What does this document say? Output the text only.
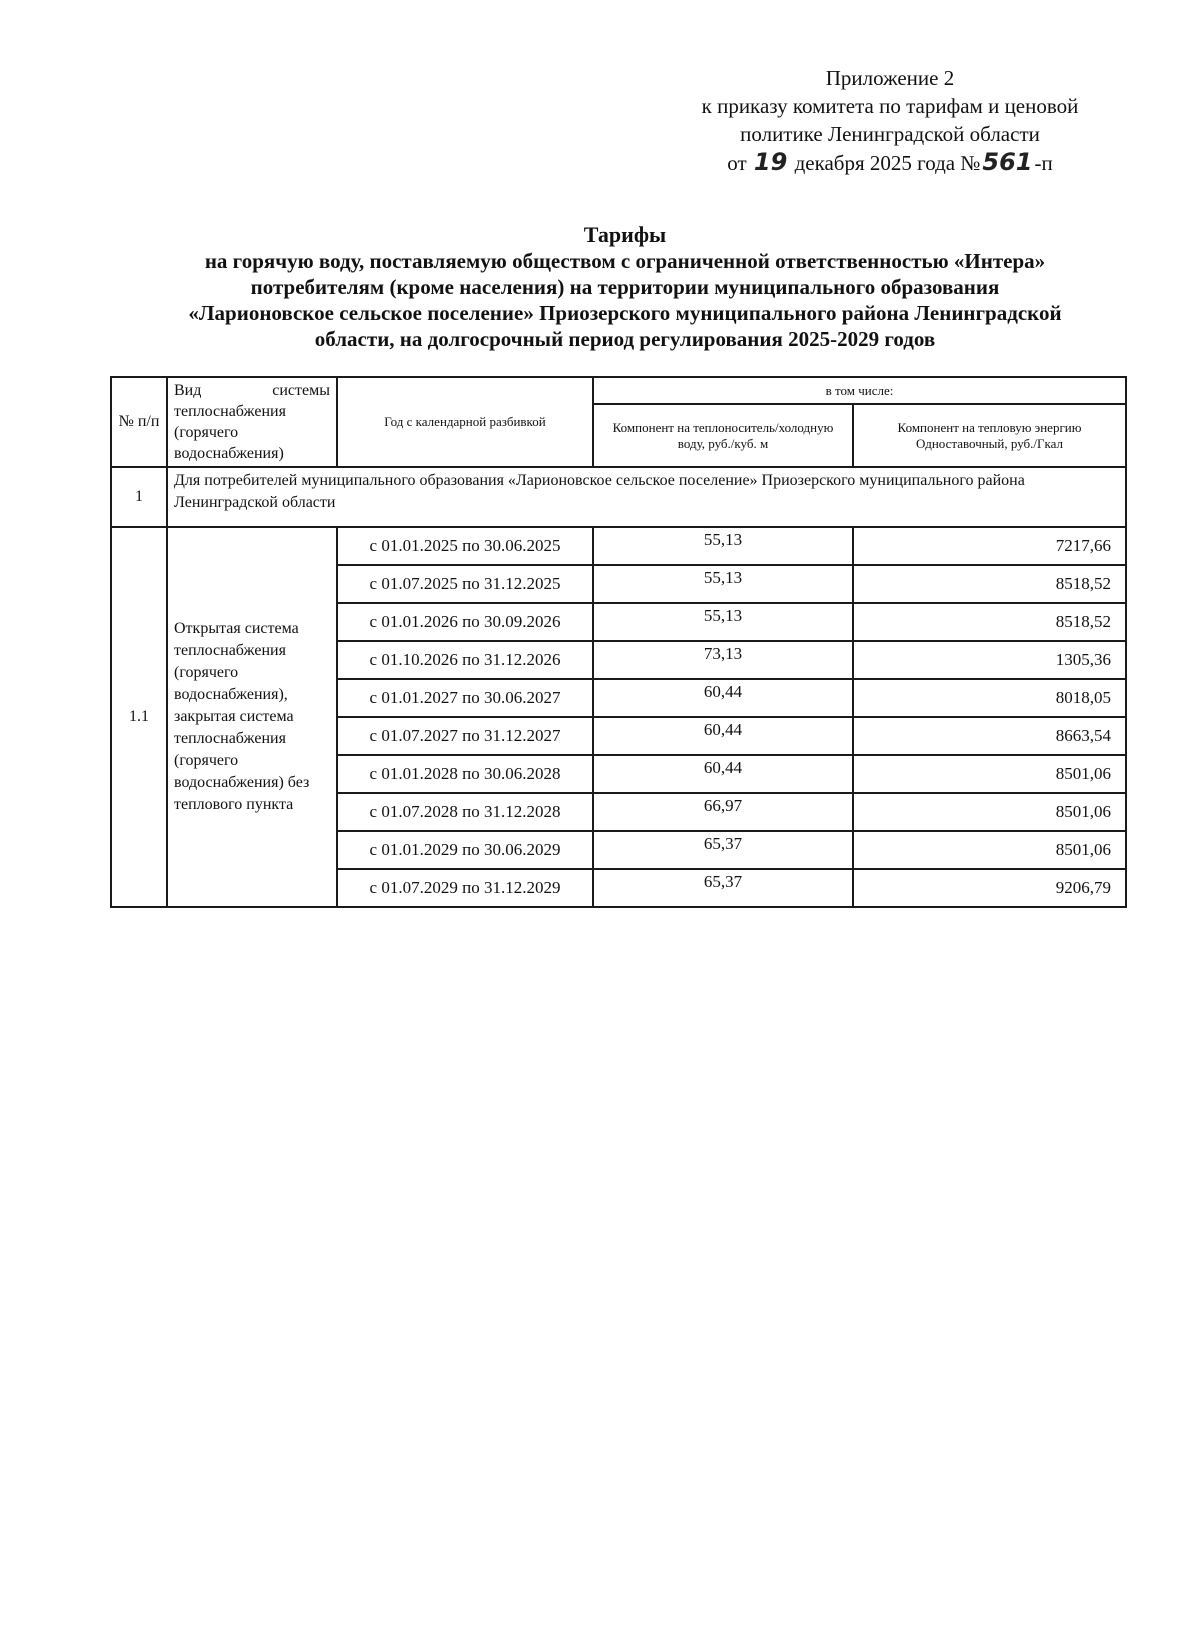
Приложение 2
к приказу комитета по тарифам и ценовой
политике Ленинградской области
от 19 декабря 2025 года №561-п
Тарифы
на горячую воду, поставляемую обществом с ограниченной ответственностью «Интера»
потребителям (кроме населения) на территории муниципального образования
«Ларионовское сельское поселение» Приозерского муниципального района Ленинградской
области, на долгосрочный период регулирования 2025-2029 годов
№ п/п	Вид системы теплоснабжения (горячего водоснабжения)	Год с календарной разбивкой	в том числе:	
			Компонент на теплоноситель/холодную воду, руб./куб. м	Компонент на тепловую энергию Одноставочный, руб./Гкал
1	Для потребителей муниципального образования «Ларионовское сельское поселение» Приозерского муниципального района Ленинградской области			
1.1	Открытая система теплоснабжения (горячего водоснабжения), закрытая система теплоснабжения (горячего водоснабжения) без теплового пункта	с 01.01.2025 по 30.06.2025	55,13	7217,66
		с 01.07.2025 по 31.12.2025	55,13	8518,52
		с 01.01.2026 по 30.09.2026	55,13	8518,52
		с 01.10.2026 по 31.12.2026	73,13	1305,36
		с 01.01.2027 по 30.06.2027	60,44	8018,05
		с 01.07.2027 по 31.12.2027	60,44	8663,54
		с 01.01.2028 по 30.06.2028	60,44	8501,06
		с 01.07.2028 по 31.12.2028	66,97	8501,06
		с 01.01.2029 по 30.06.2029	65,37	8501,06
		с 01.07.2029 по 31.12.2029	65,37	9206,79
